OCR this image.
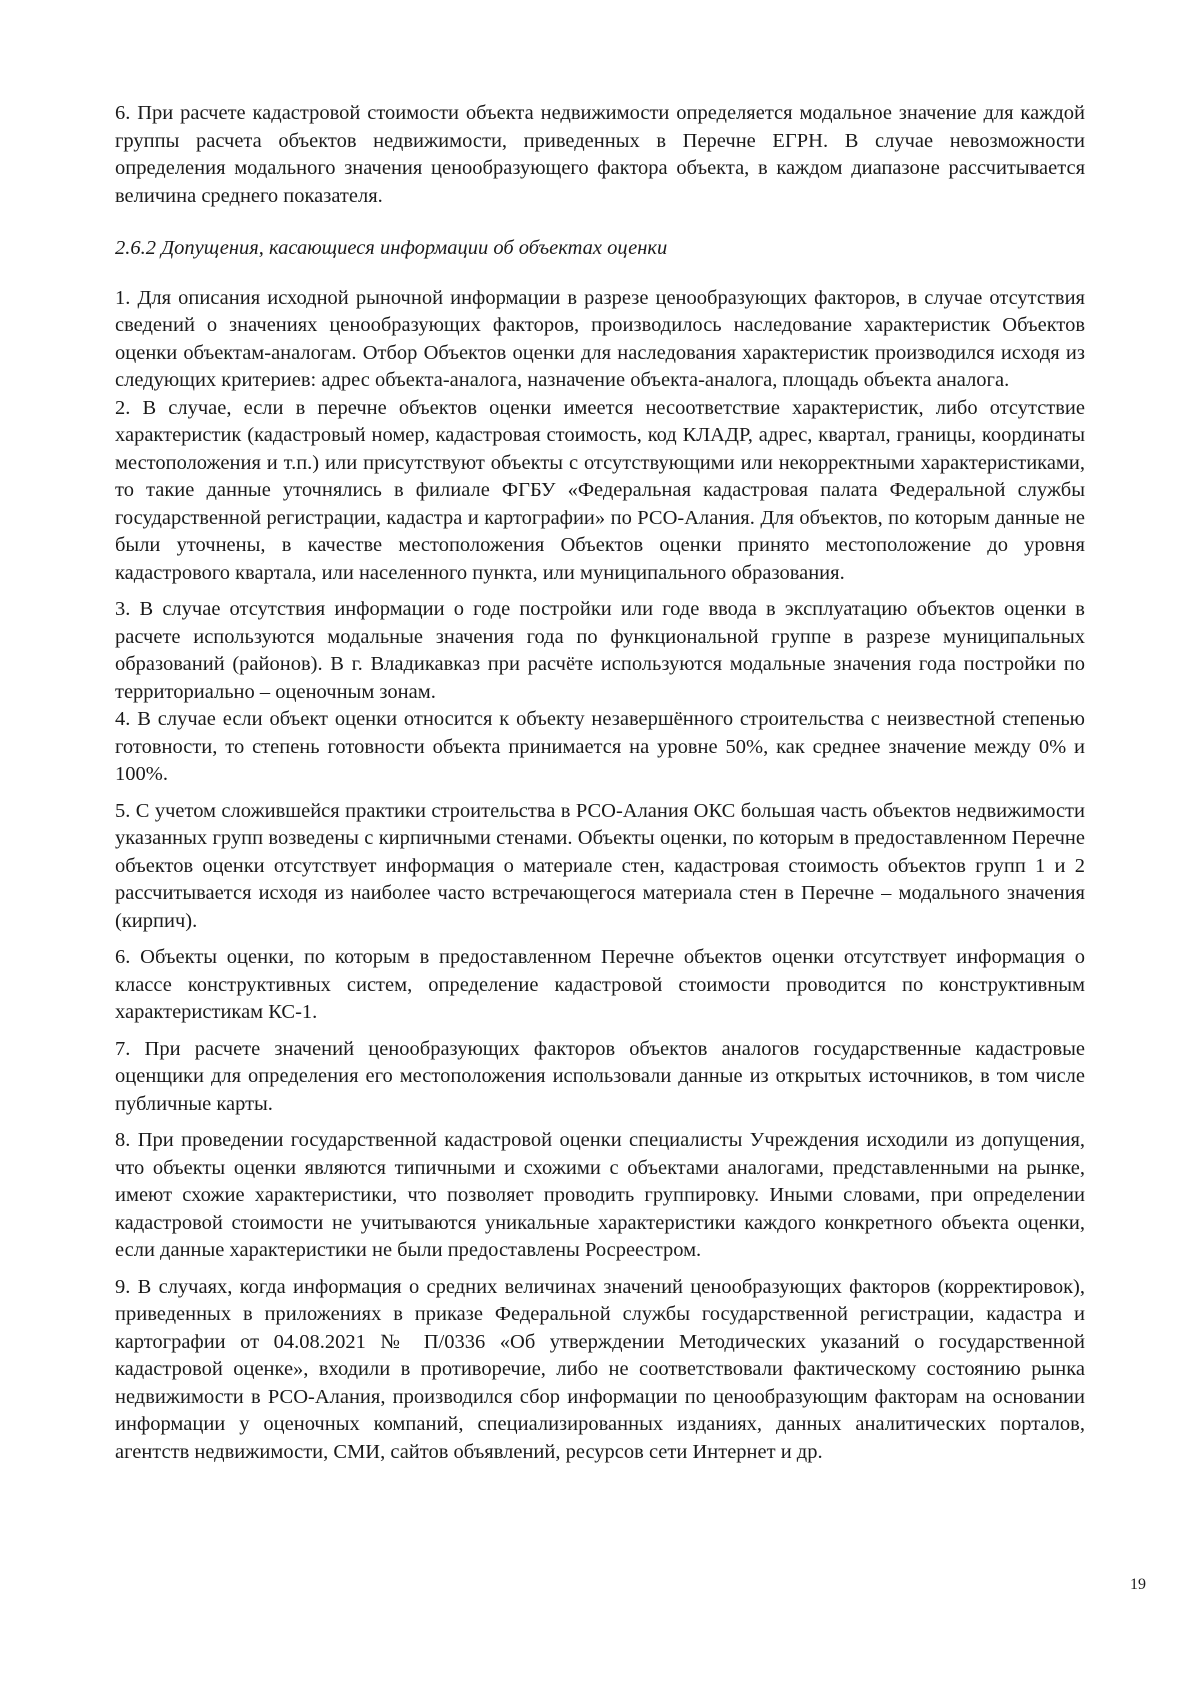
6. При расчете кадастровой стоимости объекта недвижимости определяется модальное значение для каждой группы расчета объектов недвижимости, приведенных в Перечне ЕГРН. В случае невозможности определения модального значения ценообразующего фактора объекта, в каждом диапазоне рассчитывается величина среднего показателя.

2.6.2 Допущения, касающиеся информации об объектах оценки

1. Для описания исходной рыночной информации в разрезе ценообразующих факторов, в случае отсутствия сведений о значениях ценообразующих факторов, производилось наследование характеристик Объектов оценки объектам-аналогам. Отбор Объектов оценки для наследования характеристик производился исходя из следующих критериев: адрес объекта-аналога, назначение объекта-аналога, площадь объекта аналога.

2. В случае, если в перечне объектов оценки имеется несоответствие характеристик, либо отсутствие характеристик (кадастровый номер, кадастровая стоимость, код КЛАДР, адрес, квартал, границы, координаты местоположения и т.п.) или присутствуют объекты с отсутствующими или некорректными характеристиками, то такие данные уточнялись в филиале ФГБУ «Федеральная кадастровая палата Федеральной службы государственной регистрации, кадастра и картографии» по РСО-Алания. Для объектов, по которым данные не были уточнены, в качестве местоположения Объектов оценки принято местоположение до уровня кадастрового квартала, или населенного пункта, или муниципального образования.

3. В случае отсутствия информации о годе постройки или годе ввода в эксплуатацию объектов оценки в расчете используются модальные значения года по функциональной группе в разрезе муниципальных образований (районов). В г. Владикавказ при расчёте используются модальные значения года постройки по территориально – оценочным зонам.

4. В случае если объект оценки относится к объекту незавершённого строительства с неизвестной степенью готовности, то степень готовности объекта принимается на уровне 50%, как среднее значение между 0% и 100%.

5. С учетом сложившейся практики строительства в РСО-Алания ОКС большая часть объектов недвижимости указанных групп возведены с кирпичными стенами. Объекты оценки, по которым в предоставленном Перечне объектов оценки отсутствует информация о материале стен, кадастровая стоимость объектов групп 1 и 2 рассчитывается исходя из наиболее часто встречающегося материала стен в Перечне – модального значения (кирпич).

6. Объекты оценки, по которым в предоставленном Перечне объектов оценки отсутствует информация о классе конструктивных систем, определение кадастровой стоимости проводится по конструктивным характеристикам КС-1.

7. При расчете значений ценообразующих факторов объектов аналогов государственные кадастровые оценщики для определения его местоположения использовали данные из открытых источников, в том числе публичные карты.

8. При проведении государственной кадастровой оценки специалисты Учреждения исходили из допущения, что объекты оценки являются типичными и схожими с объектами аналогами, представленными на рынке, имеют схожие характеристики, что позволяет проводить группировку. Иными словами, при определении кадастровой стоимости не учитываются уникальные характеристики каждого конкретного объекта оценки, если данные характеристики не были предоставлены Росреестром.

9. В случаях, когда информация о средних величинах значений ценообразующих факторов (корректировок), приведенных в приложениях в приказе Федеральной службы государственной регистрации, кадастра и картографии от 04.08.2021 № П/0336 «Об утверждении Методических указаний о государственной кадастровой оценке», входили в противоречие, либо не соответствовали фактическому состоянию рынка недвижимости в РСО-Алания, производился сбор информации по ценообразующим факторам на основании информации у оценочных компаний, специализированных изданиях, данных аналитических порталов, агентств недвижимости, СМИ, сайтов объявлений, ресурсов сети Интернет и др.

19
